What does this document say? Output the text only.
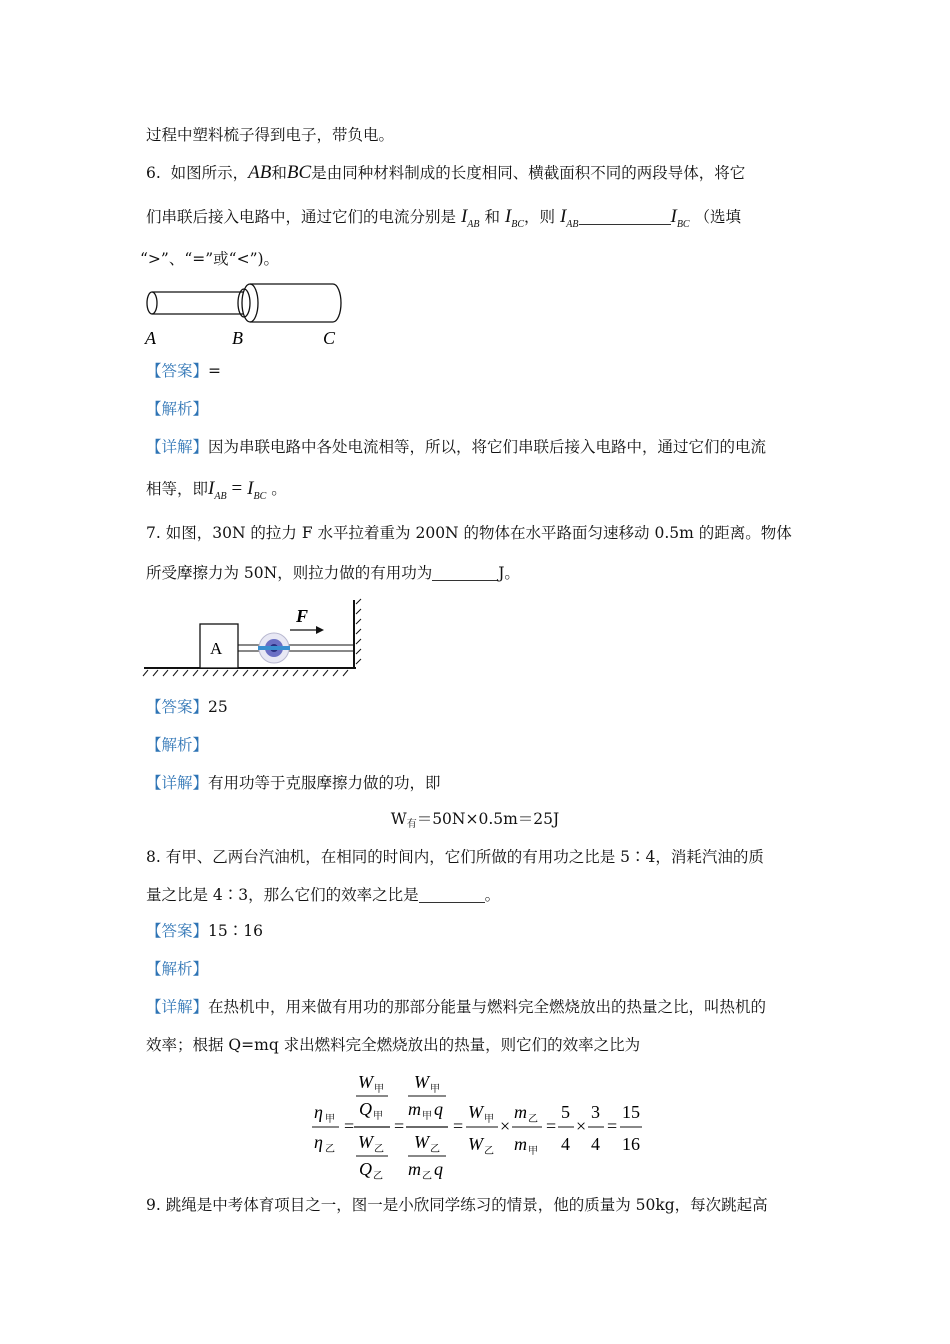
过程中塑料梳子得到电子，带负电。
6. 如图所示，AB和BC是由同种材料制成的长度相同、横截面积不同的两段导体，将它
们串联后接入电路中，通过它们的电流分别是 $I_{AB}$ 和 $I_{BC}$，则 $I_{AB}$	$I_{BC}$ （选填
“>”、“=”或“<”)。
A	B	C
【答案】=
【解析】
【详解】因为串联电路中各处电流相等，所以，将它们串联后接入电路中，通过它们的电流
相等，即$I_{AB} = I_{BC}$ 。
7. 如图，30N 的拉力 F 水平拉着重为 200N 的物体在水平路面匀速移动 0.5m 的距离。物体
所受摩擦力为 50N，则拉力做的有用功为	J。
A
F
【答案】25
【解析】
【详解】有用功等于克服摩擦力做的功，即
W有＝50N×0.5m＝25J
8. 有甲、乙两台汽油机，在相同的时间内，它们所做的有用功之比是 5∶4，消耗汽油的质
量之比是 4∶3，那么它们的效率之比是	。
【答案】15∶16
【解析】
【详解】在热机中，用来做有用功的那部分能量与燃料完全燃烧放出的热量之比，叫热机的
效率；根据 Q=mq 求出燃料完全燃烧放出的热量，则它们的效率之比为
η 甲
η 乙
=
W 甲
Q 甲
W 乙
Q 乙
=
W 甲
m 甲 q
W 乙
m 乙 q
=
W 甲
W 乙
×
m 乙
m 甲
=
5
4
×
3
4
=
15
16
9. 跳绳是中考体育项目之一，图一是小欣同学练习的情景，他的质量为 50kg，每次跳起高
